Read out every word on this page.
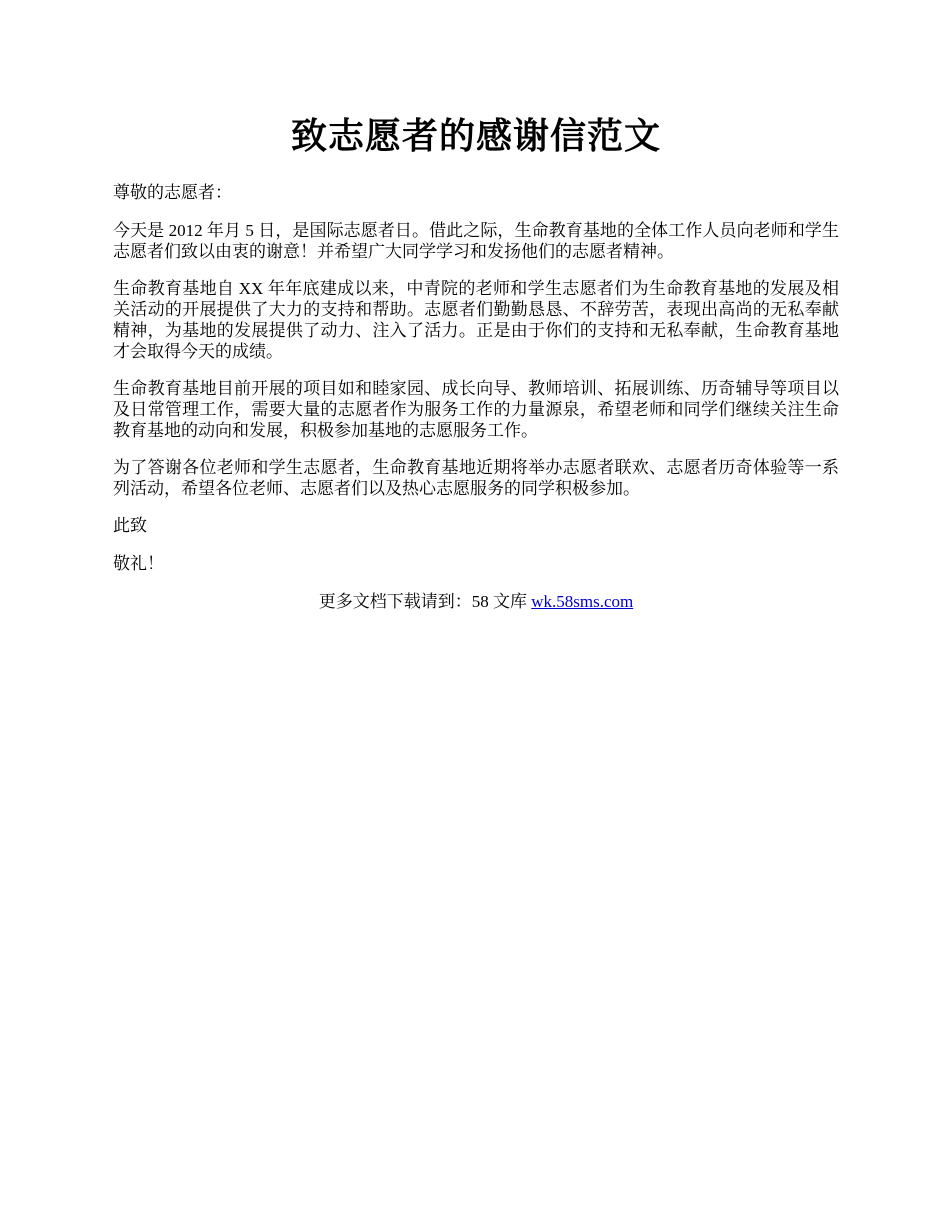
致志愿者的感谢信范文

尊敬的志愿者：

今天是 2012 年月 5 日，是国际志愿者日。借此之际，生命教育基地的全体工作人员向老师和学生志愿者们致以由衷的谢意！并希望广大同学学习和发扬他们的志愿者精神。

生命教育基地自 XX 年年底建成以来，中青院的老师和学生志愿者们为生命教育基地的发展及相关活动的开展提供了大力的支持和帮助。志愿者们勤勤恳恳、不辞劳苦，表现出高尚的无私奉献精神，为基地的发展提供了动力、注入了活力。正是由于你们的支持和无私奉献，生命教育基地才会取得今天的成绩。

生命教育基地目前开展的项目如和睦家园、成长向导、教师培训、拓展训练、历奇辅导等项目以及日常管理工作，需要大量的志愿者作为服务工作的力量源泉，希望老师和同学们继续关注生命教育基地的动向和发展，积极参加基地的志愿服务工作。

为了答谢各位老师和学生志愿者，生命教育基地近期将举办志愿者联欢、志愿者历奇体验等一系列活动，希望各位老师、志愿者们以及热心志愿服务的同学积极参加。

此致

敬礼！

更多文档下载请到：58 文库 wk.58sms.com
